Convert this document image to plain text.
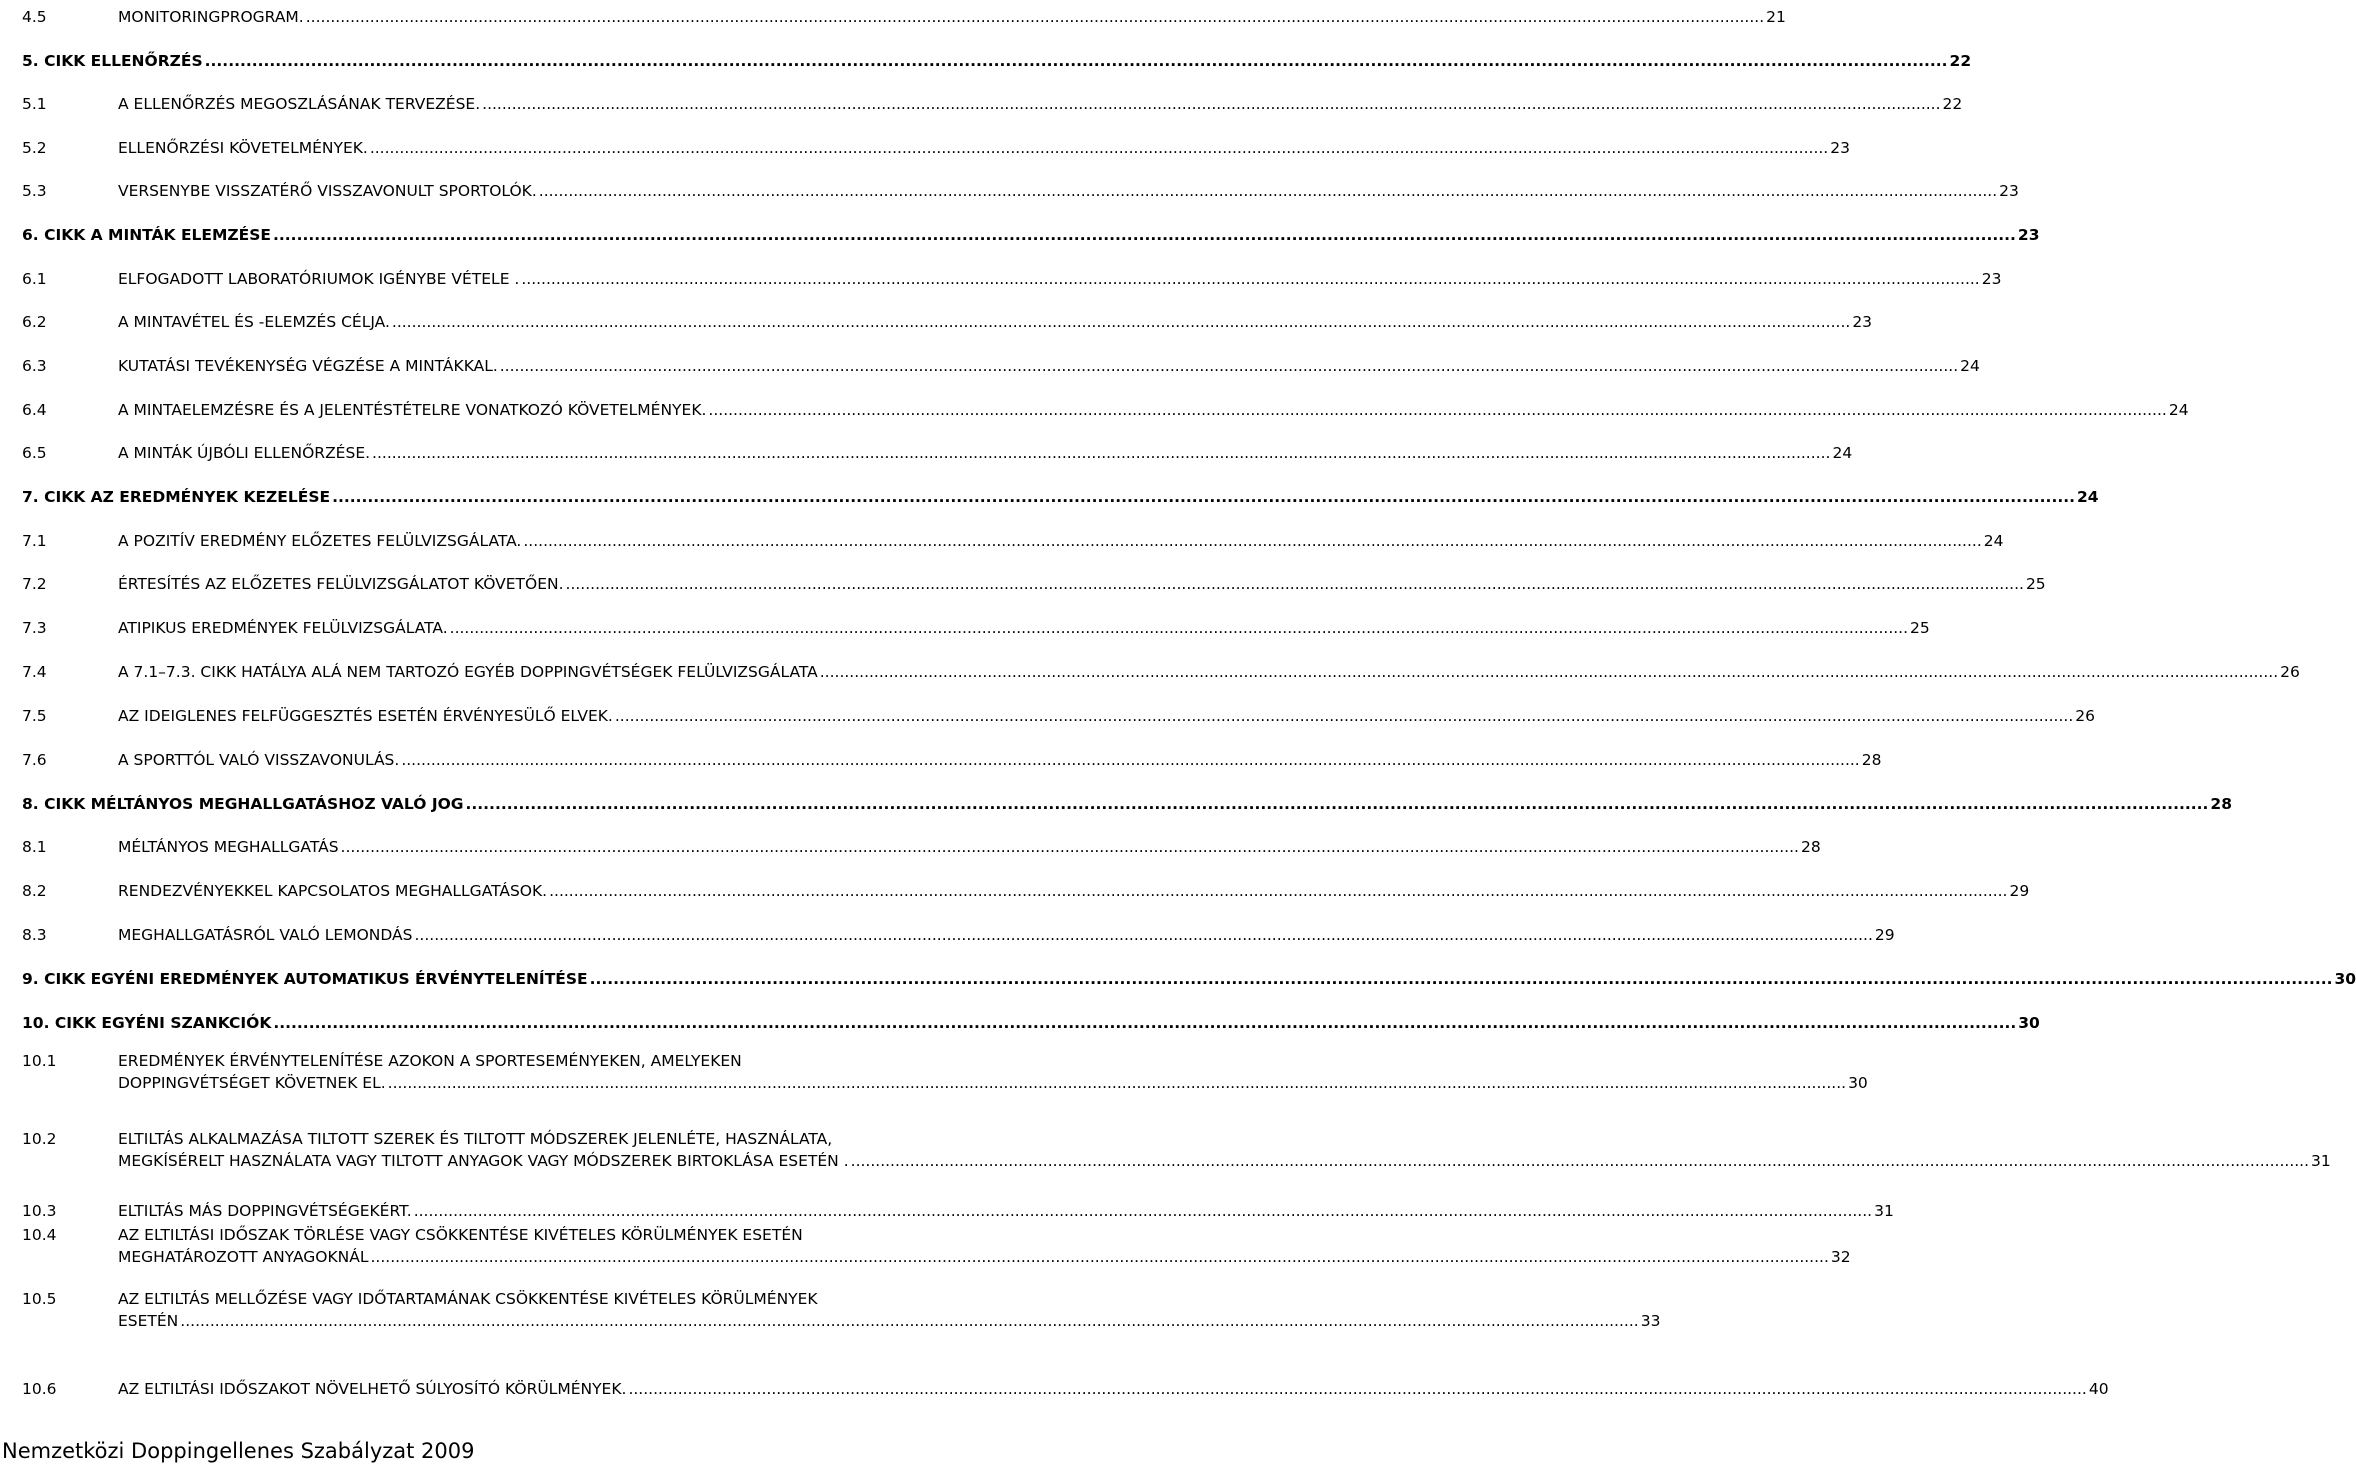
4.5	MONITORINGPROGRAM. .....	21
5. CIKK ELLENŐRZÉS .....	22
5.1	A ELLENŐRZÉS MEGOSZLÁSÁNAK TERVEZÉSE. .....	22
5.2	ELLENŐRZÉSI KÖVETELMÉNYEK. .....	23
5.3	VERSENYBE VISSZATÉRŐ VISSZAVONULT SPORTOLÓK. .....	23
6. CIKK A MINTÁK ELEMZÉSE .....	23
6.1	ELFOGADOTT LABORATÓRIUMOK IGÉNYBE VÉTELE . .....	23
6.2	A MINTAVÉTEL ÉS -ELEMZÉS CÉLJA. .....	23
6.3	KUTATÁSI TEVÉKENYSÉG VÉGZÉSE A MINTÁKKAL. .....	24
6.4	A MINTAELEMZÉSRE ÉS A JELENTÉSTÉTELRE VONATKOZÓ KÖVETELMÉNYEK. .....	24
6.5	A MINTÁK ÚJBÓLI ELLENŐRZÉSE. .....	24
7. CIKK AZ EREDMÉNYEK KEZELÉSE .....	24
7.1	A POZITÍV EREDMÉNY ELŐZETES FELÜLVIZSGÁLATA. .....	24
7.2	ÉRTESÍTÉS AZ ELŐZETES FELÜLVIZSGÁLATOT KÖVETŐEN. .....	25
7.3	ATIPIKUS EREDMÉNYEK FELÜLVIZSGÁLATA. .....	25
7.4	A 7.1–7.3. CIKK HATÁLYA ALÁ NEM TARTOZÓ EGYÉB DOPPINGVÉTSÉGEK FELÜLVIZSGÁLATA .....	26
7.5	AZ IDEIGLENES FELFÜGGESZTÉS ESETÉN ÉRVÉNYESÜLŐ ELVEK. .....	26
7.6	A SPORTTÓL VALÓ VISSZAVONULÁS. .....	28
8. CIKK MÉLTÁNYOS MEGHALLGATÁSHOZ VALÓ JOG .....	28
8.1	MÉLTÁNYOS MEGHALLGATÁS .....	28
8.2	RENDEZVÉNYEKKEL KAPCSOLATOS MEGHALLGATÁSOK. .....	29
8.3	MEGHALLGATÁSRÓL VALÓ LEMONDÁS .....	29
9. CIKK EGYÉNI EREDMÉNYEK AUTOMATIKUS ÉRVÉNYTELENÍTÉSE .....	30
10. CIKK EGYÉNI SZANKCIÓK .....	30
10.1	EREDMÉNYEK ÉRVÉNYTELENÍTÉSE AZOKON A SPORTESEMÉNYEKEN, AMELYEKEN
DOPPINGVÉTSÉGET KÖVETNEK EL. .....	30
10.2	ELTILTÁS ALKALMAZÁSA TILTOTT SZEREK ÉS TILTOTT MÓDSZEREK JELENLÉTE, HASZNÁLATA,
MEGKÍSÉRELT HASZNÁLATA VAGY TILTOTT ANYAGOK VAGY MÓDSZEREK BIRTOKLÁSA ESETÉN . .....	31
10.3	ELTILTÁS MÁS DOPPINGVÉTSÉGEKÉRT. .....	31
10.4	AZ ELTILTÁSI IDŐSZAK TÖRLÉSE VAGY CSÖKKENTÉSE KIVÉTELES KÖRÜLMÉNYEK ESETÉN
MEGHATÁROZOTT ANYAGOKNÁL .....	32
10.5	AZ ELTILTÁS MELLŐZÉSE VAGY IDŐTARTAMÁNAK CSÖKKENTÉSE KIVÉTELES KÖRÜLMÉNYEK
ESETÉN .....	33
10.6	AZ ELTILTÁSI IDŐSZAKOT NÖVELHETŐ SÚLYOSÍTÓ KÖRÜLMÉNYEK. .....	40
Nemzetközi Doppingellenes Szabályzat 2009
